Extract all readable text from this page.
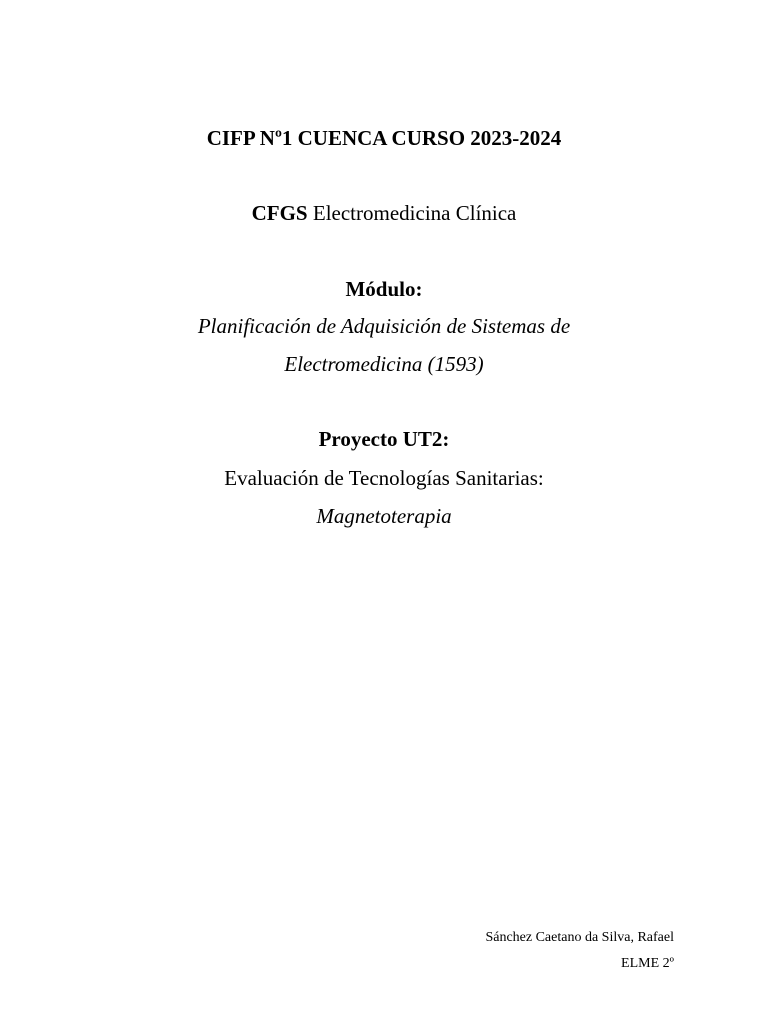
CIFP Nº1 CUENCA CURSO 2023-2024
CFGS Electromedicina Clínica
Módulo:
Planificación de Adquisición de Sistemas de
Electromedicina (1593)
Proyecto UT2:
Evaluación de Tecnologías Sanitarias:
Magnetoterapia
Sánchez Caetano da Silva, Rafael
ELME 2º
